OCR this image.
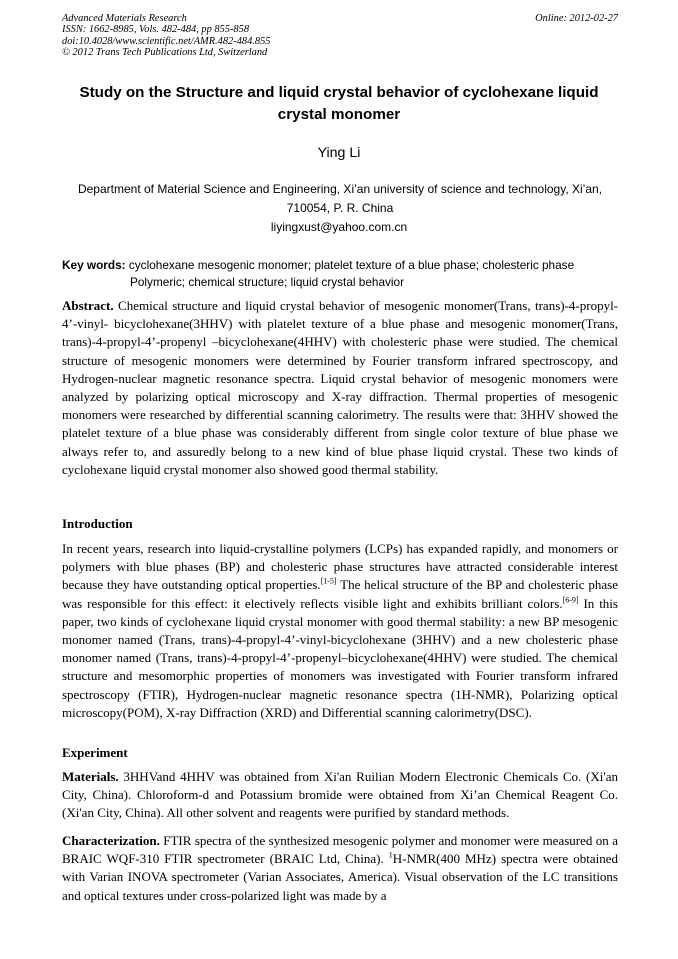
Advanced Materials Research
ISSN: 1662-8985, Vols. 482-484, pp 855-858
doi:10.4028/www.scientific.net/AMR.482-484.855
© 2012 Trans Tech Publications Ltd, Switzerland
Online: 2012-02-27
Study on the Structure and liquid crystal behavior of cyclohexane liquid crystal monomer
Ying Li
Department of Material Science and Engineering, Xi’an university of science and technology, Xi’an, 710054, P. R. China
liyingxust@yahoo.com.cn
Key words: cyclohexane mesogenic monomer; platelet texture of a blue phase; cholesteric phase
Polymeric; chemical structure; liquid crystal behavior
Abstract. Chemical structure and liquid crystal behavior of mesogenic monomer(Trans, trans)-4-propyl-4’-vinyl- bicyclohexane(3HHV) with platelet texture of a blue phase and mesogenic monomer(Trans, trans)-4-propyl-4’-propenyl –bicyclohexane(4HHV) with cholesteric phase were studied. The chemical structure of mesogenic monomers were determined by Fourier transform infrared spectroscopy, and Hydrogen-nuclear magnetic resonance spectra. Liquid crystal behavior of mesogenic monomers were analyzed by polarizing optical microscopy and X-ray diffraction. Thermal properties of mesogenic monomers were researched by differential scanning calorimetry. The results were that: 3HHV showed the platelet texture of a blue phase was considerably different from single color texture of blue phase we always refer to, and assuredly belong to a new kind of blue phase liquid crystal. These two kinds of cyclohexane liquid crystal monomer also showed good thermal stability.
Introduction
In recent years, research into liquid-crystalline polymers (LCPs) has expanded rapidly, and monomers or polymers with blue phases (BP) and cholesteric phase structures have attracted considerable interest because they have outstanding optical properties.[1-5] The helical structure of the BP and cholesteric phase was responsible for this effect: it electively reflects visible light and exhibits brilliant colors.[6-9] In this paper, two kinds of cyclohexane liquid crystal monomer with good thermal stability: a new BP mesogenic monomer named (Trans, trans)-4-propyl-4’-vinyl-bicyclohexane (3HHV) and a new cholesteric phase monomer named (Trans, trans)-4-propyl-4’-propenyl–bicyclohexane(4HHV) were studied. The chemical structure and mesomorphic properties of monomers was investigated with Fourier transform infrared spectroscopy (FTIR), Hydrogen-nuclear magnetic resonance spectra (1H-NMR), Polarizing optical microscopy(POM), X-ray Diffraction (XRD) and Differential scanning calorimetry(DSC).
Experiment
Materials. 3HHVand 4HHV was obtained from Xi'an Ruilian Modern Electronic Chemicals Co. (Xi'an City, China). Chloroform-d and Potassium bromide were obtained from Xi’an Chemical Reagent Co.(Xi'an City, China). All other solvent and reagents were purified by standard methods.
Characterization. FTIR spectra of the synthesized mesogenic polymer and monomer were measured on a BRAIC WQF-310 FTIR spectrometer (BRAIC Ltd, China). $^1$H-NMR(400 MHz) spectra were obtained with Varian INOVA spectrometer (Varian Associates, America). Visual observation of the LC transitions and optical textures under cross-polarized light was made by a
